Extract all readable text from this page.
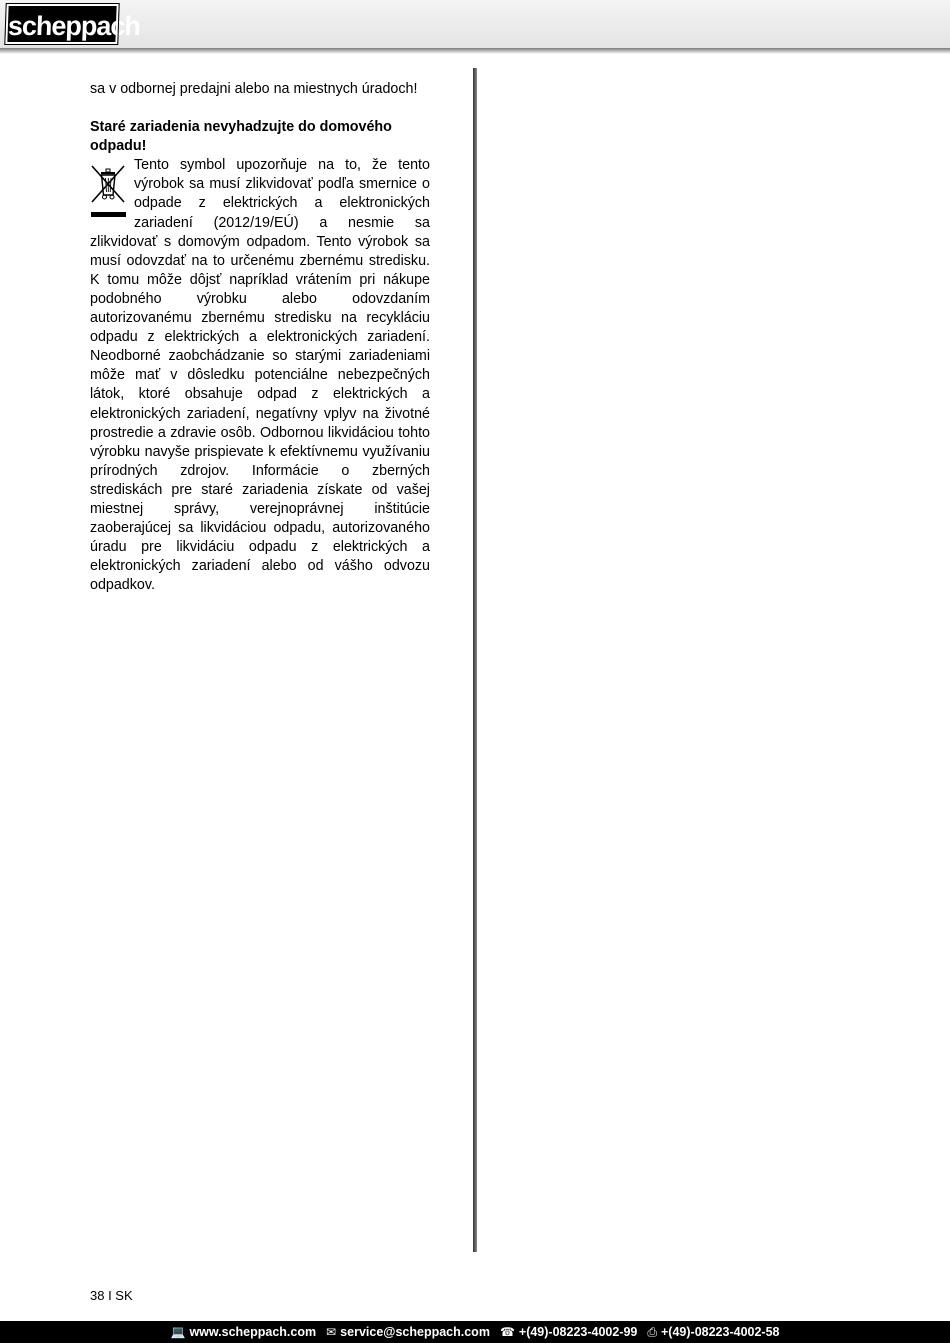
scheppach

sa v odbornej predajni alebo na miestnych úradoch!

Staré zariadenia nevyhadzujte do domového odpadu!

Tento symbol upozorňuje na to, že tento výrobok sa musí zlikvidovať podľa smernice o odpade z elektrických a elektronických zariadení (2012/19/EÚ) a nesmie sa zlikvidovať s domovým odpadom. Tento výrobok sa musí odovzdať na to určenému zbernému stredisku. K tomu môže dôjsť napríklad vrátením pri nákupe podobného výrobku alebo odovzdaním autorizovanému zbernému stredisku na recykláciu odpadu z elektrických a elektronických zariadení. Neodborné zaobchádzanie so starými zariadeniami môže mať v dôsledku potenciálne nebezpečných látok, ktoré obsahuje odpad z elektrických a elektronických zariadení, negatívny vplyv na životné prostredie a zdravie osôb. Odbornou likvidáciou tohto výrobku navyše prispievate k efektívnemu využívaniu prírodných zdrojov. Informácie o zberných strediskách pre staré zariadenia získate od vašej miestnej správy, verejnoprávnej inštitúcie zaoberajúcej sa likvidáciou odpadu, autorizovaného úradu pre likvidáciu odpadu z elektrických a elektronických zariadení alebo od vášho odvozu odpadkov.

38 I SK
💻 www.scheppach.com ✉ service@scheppach.com ☎ +(49)-08223-4002-99 ⎙ +(49)-08223-4002-58
